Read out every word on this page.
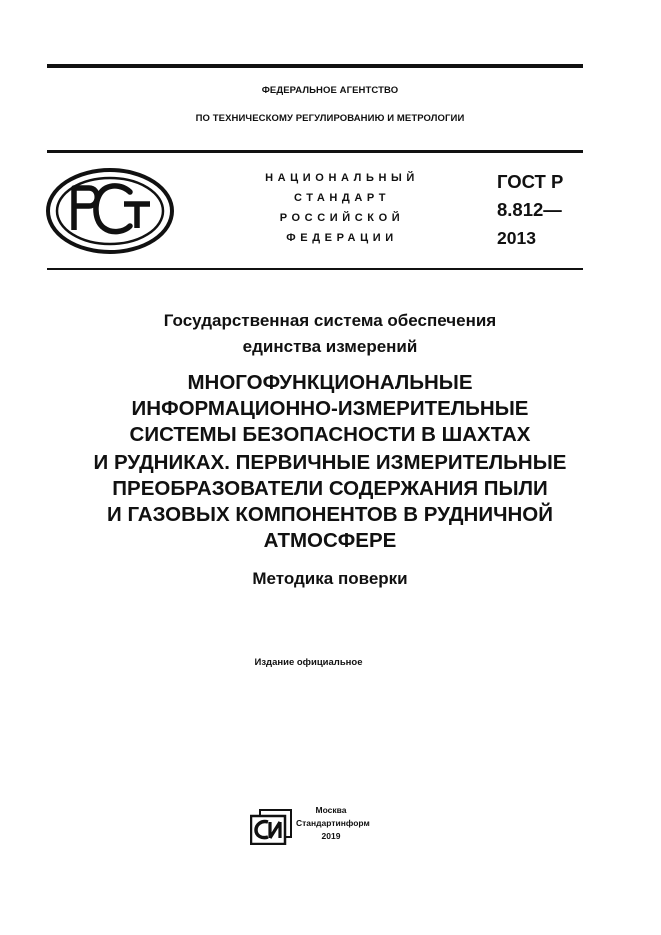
ФЕДЕРАЛЬНОЕ АГЕНТСТВО
ПО ТЕХНИЧЕСКОМУ РЕГУЛИРОВАНИЮ И МЕТРОЛОГИИ
НАЦИОНАЛЬНЫЙ
СТАНДАРТ
РОССИЙСКОЙ
ФЕДЕРАЦИИ
ГОСТ Р
8.812—
2013
Государственная система обеспечения
единства измерений
МНОГОФУНКЦИОНАЛЬНЫЕ
ИНФОРМАЦИОННО-ИЗМЕРИТЕЛЬНЫЕ
СИСТЕМЫ БЕЗОПАСНОСТИ В ШАХТАХ
И РУДНИКАХ. ПЕРВИЧНЫЕ ИЗМЕРИТЕЛЬНЫЕ
ПРЕОБРАЗОВАТЕЛИ СОДЕРЖАНИЯ ПЫЛИ
И ГАЗОВЫХ КОМПОНЕНТОВ В РУДНИЧНОЙ
АТМОСФЕРЕ
Методика поверки
Издание официальное
Москва
Стандартинформ
2019
